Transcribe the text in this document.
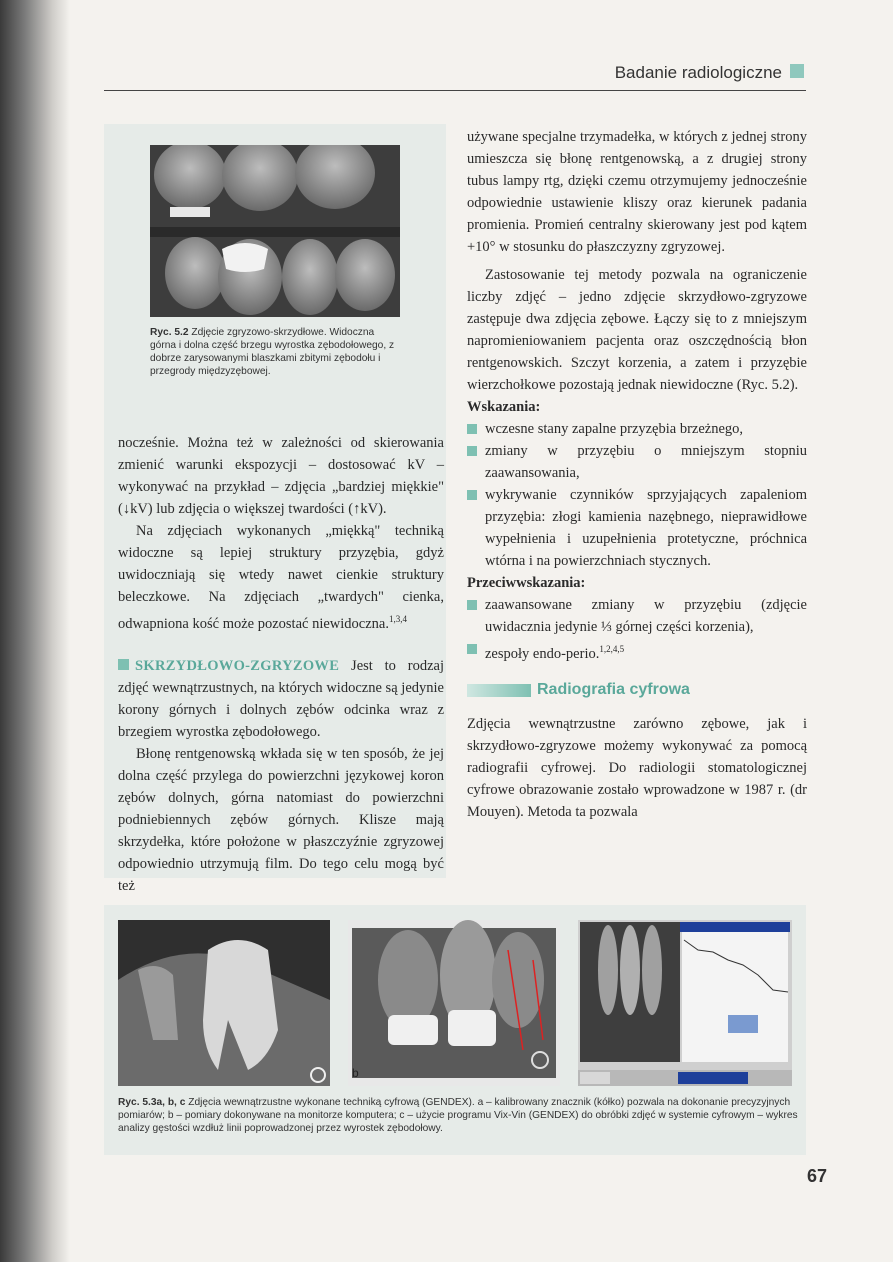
Badanie radiologiczne
Ryc. 5.2 Zdjęcie zgryzowo-skrzydłowe. Widoczna górna i dolna część brzegu wyrostka zębodołowego, z dobrze zarysowanymi blaszkami zbitymi zębodołu i przegrody międzyzębowej.

nocześnie. Można też w zależności od skierowania zmienić warunki ekspozycji – dostosować kV – wykonywać na przykład – zdjęcia „bardziej miękkie" (↓kV) lub zdjęcia o większej twardości (↑kV).

Na zdjęciach wykonanych „miękką" techniką widoczne są lepiej struktury przyzębia, gdyż uwidoczniają się wtedy nawet cienkie struktury beleczkowe. Na zdjęciach „twardych" cienka, odwapniona kość może pozostać niewidoczna.$^{1,3,4}$

SKRZYDŁOWO-ZGRYZOWE Jest to rodzaj zdjęć wewnątrzustnych, na których widoczne są jedynie korony górnych i dolnych zębów odcinka wraz z brzegiem wyrostka zębodołowego.

Błonę rentgenowską wkłada się w ten sposób, że jej dolna część przylega do powierzchni językowej koron zębów dolnych, górna natomiast do powierzchni podniebiennych zębów górnych. Klisze mają skrzydełka, które położone w płaszczyźnie zgryzowej odpowiednio utrzymują film. Do tego celu mogą być też

używane specjalne trzymadełka, w których z jednej strony umieszcza się błonę rentgenowską, a z drugiej strony tubus lampy rtg, dzięki czemu otrzymujemy jednocześnie odpowiednie ustawienie kliszy oraz kierunek padania promienia. Promień centralny skierowany jest pod kątem +10° w stosunku do płaszczyzny zgryzowej.

Zastosowanie tej metody pozwala na ograniczenie liczby zdjęć – jedno zdjęcie skrzydłowo-zgryzowe zastępuje dwa zdjęcia zębowe. Łączy się to z mniejszym napromieniowaniem pacjenta oraz oszczędnością błon rentgenowskich. Szczyt korzenia, a zatem i przyzębie wierzchołkowe pozostają jednak niewidoczne (Ryc. 5.2).

Wskazania:

wczesne stany zapalne przyzębia brzeżnego,
zmiany w przyzębiu o mniejszym stopniu zaawansowania,
wykrywanie czynników sprzyjających zapaleniom przyzębia: złogi kamienia nazębnego, nieprawidłowe wypełnienia i uzupełnienia protetyczne, próchnica wtórna i na powierzchniach stycznych.

Przeciwwskazania:

zaawansowane zmiany w przyzębiu (zdjęcie uwidacznia jedynie ⅓ górnej części korzenia),
zespoły endo-perio.$^{1,2,4,5}$
Radiografia cyfrowa

Zdjęcia wewnątrzustne zarówno zębowe, jak i skrzydłowo-zgryzowe możemy wykonywać za pomocą radiografii cyfrowej. Do radiologii stomatologicznej cyfrowe obrazowanie zostało wprowadzone w 1987 r. (dr Mouyen). Metoda ta pozwala

b
Ryc. 5.3a, b, c Zdjęcia wewnątrzustne wykonane techniką cyfrową (GENDEX). a – kalibrowany znacznik (kółko) pozwala na dokonanie precyzyjnych pomiarów; b – pomiary dokonywane na monitorze komputera; c – użycie programu Vix-Vin (GENDEX) do obróbki zdjęć w systemie cyfrowym – wykres analizy gęstości wzdłuż linii poprowadzonej przez wyrostek zębodołowy.
67
